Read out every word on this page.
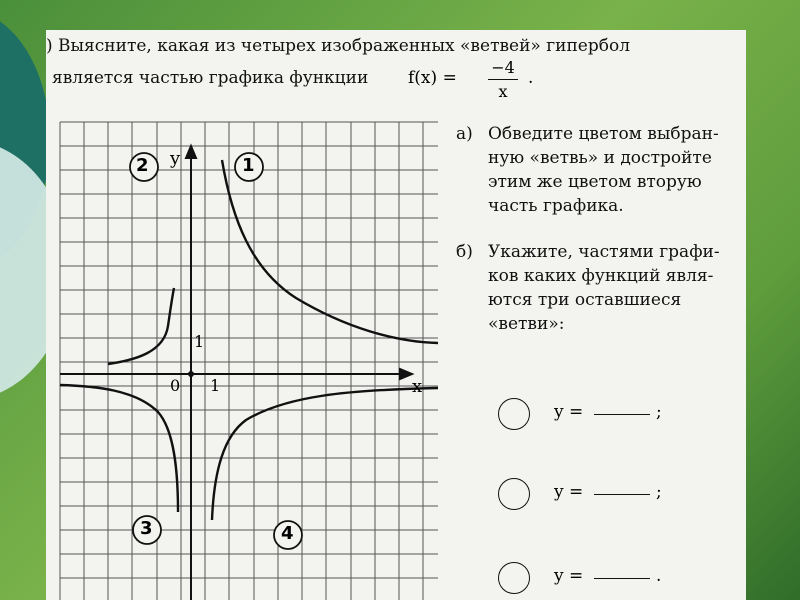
) Выясните, какая из четырех изображенных «ветвей» гипербол
является частью графика функции $f(x) = \frac{-4}{x}$ .
2	1
3	4
y
x
0 1
1
а) Обведите цветом выбран-
ную «ветвь» и достройте
этим же цветом вторую
часть графика.
б) Укажите, частями графи-
ков каких функций явля-
ются три оставшиеся
«ветви»:
y =	;
y =	;
y =	.
